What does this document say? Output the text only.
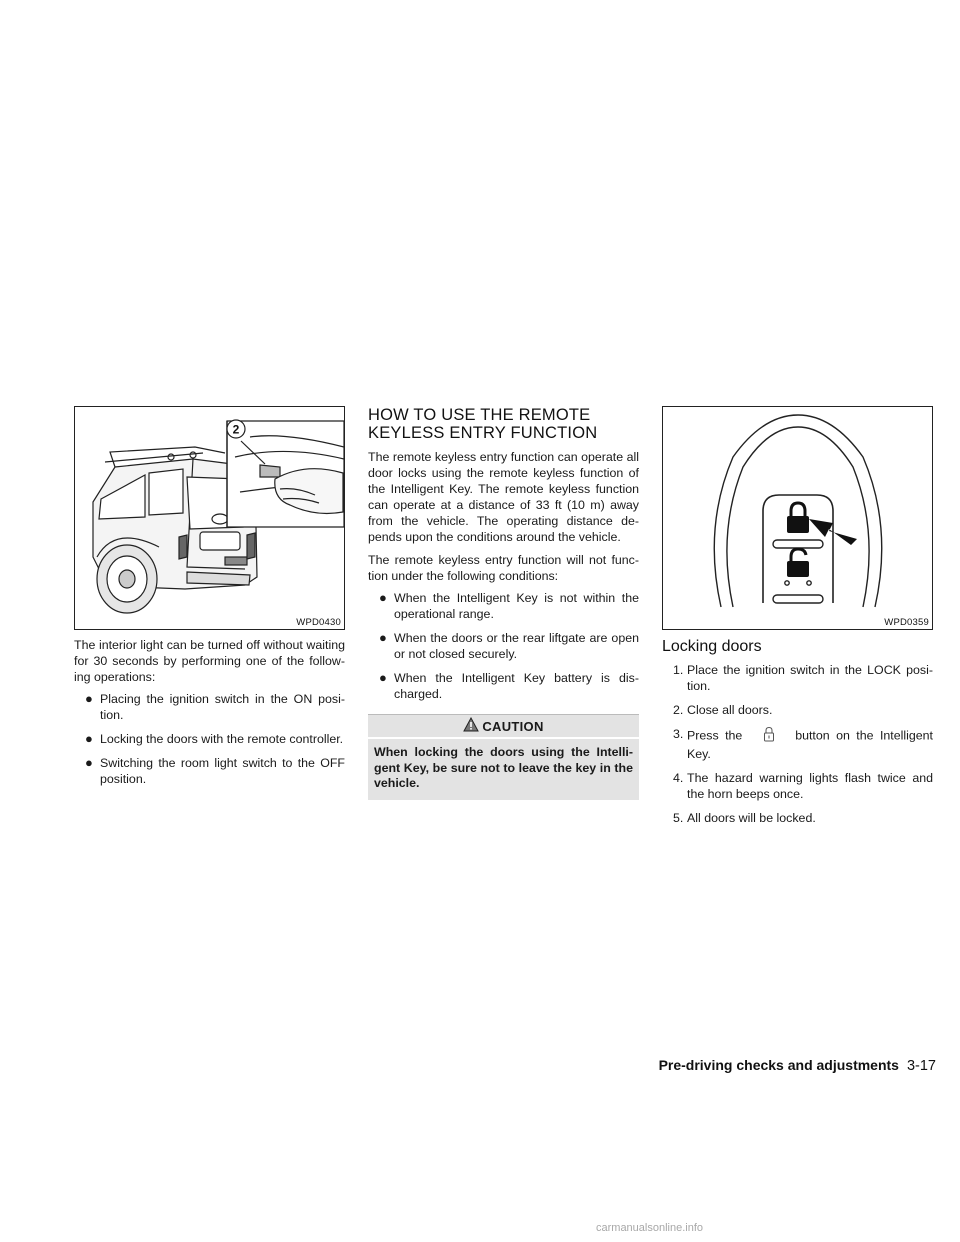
2
WPD0430

The interior light can be turned off without waiting for 30 seconds by performing one of the follow- ing operations:

● Placing the ignition switch in the ON posi- tion.
● Locking the doors with the remote controller.
● Switching the room light switch to the OFF position.
HOW TO USE THE REMOTE
KEYLESS ENTRY FUNCTION

The remote keyless entry function can operate all door locks using the remote keyless function of the Intelligent Key. The remote keyless function can operate at a distance of 33 ft (10 m) away from the vehicle. The operating distance de- pends upon the conditions around the vehicle.

The remote keyless entry function will not func- tion under the following conditions:

● When the Intelligent Key is not within the operational range.
● When the doors or the rear liftgate are open or not closed securely.
● When the Intelligent Key battery is dis- charged.
CAUTION
When locking the doors using the Intelli- gent Key, be sure not to leave the key in the vehicle.
WPD0359
Locking doors
1. Place the ignition switch in the LOCK posi- tion.
2. Close all doors.
3. Press the	button on the Intelligent Key.
4. The hazard warning lights flash twice and the horn beeps once.
5. All doors will be locked.
Pre-driving checks and adjustments 3-17
carmanualsonline.info
